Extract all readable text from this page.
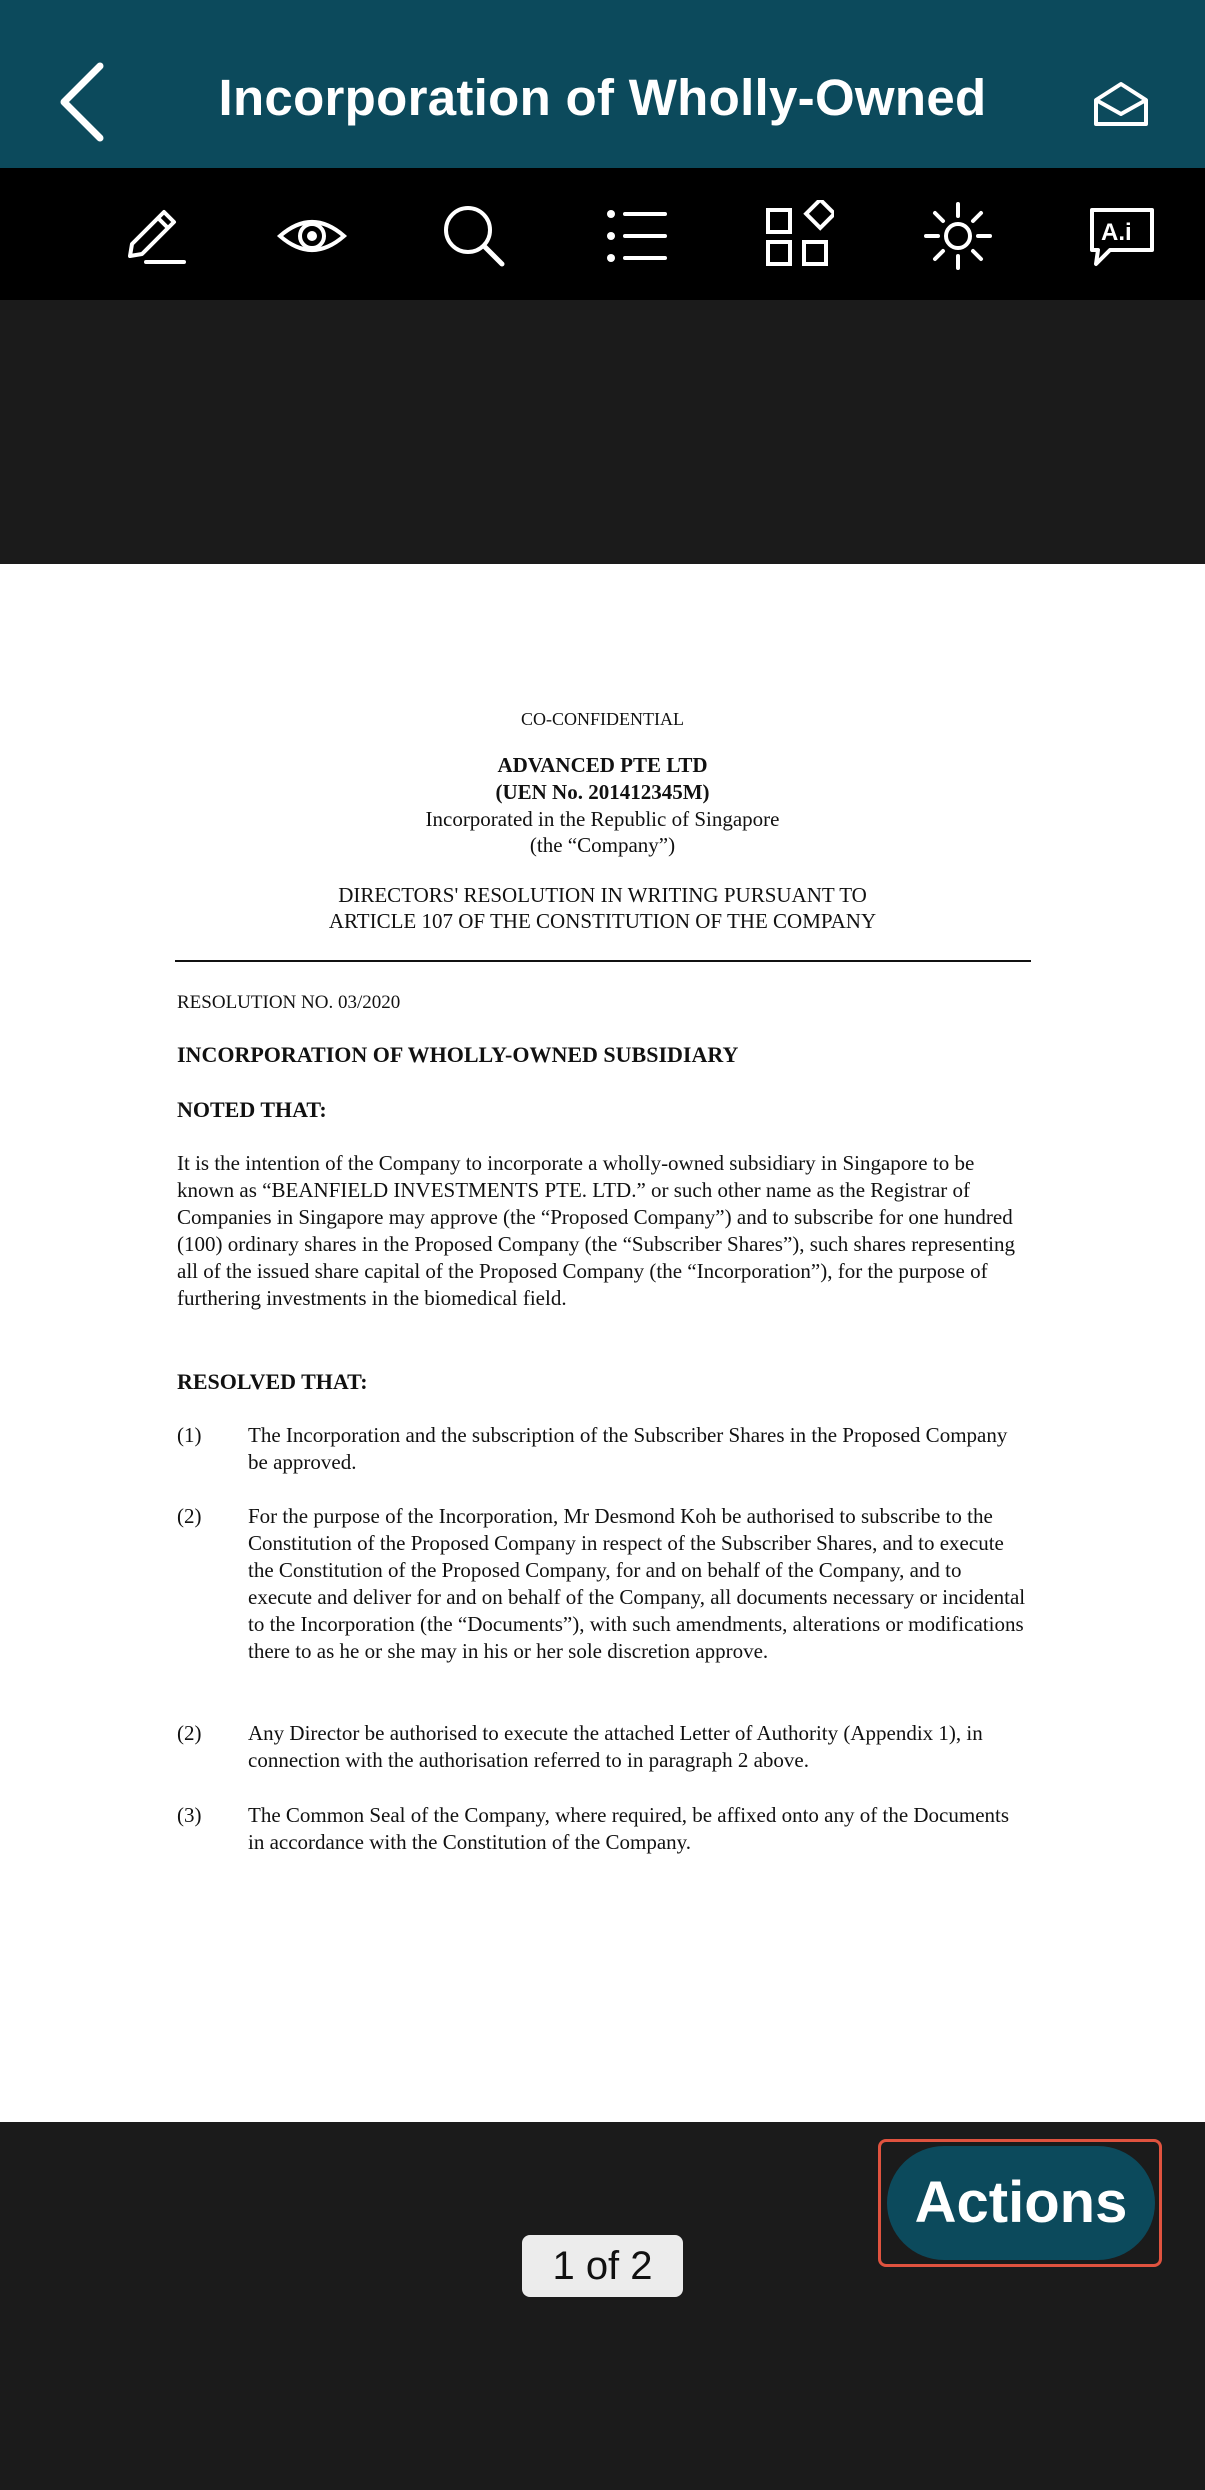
Incorporation of Wholly-Owned
A.i
CO-CONFIDENTIAL
ADVANCED PTE LTD
(UEN No. 201412345M)
Incorporated in the Republic of Singapore
(the “Company”)
DIRECTORS' RESOLUTION IN WRITING PURSUANT TO
ARTICLE 107 OF THE CONSTITUTION OF THE COMPANY
RESOLUTION NO. 03/2020
INCORPORATION OF WHOLLY-OWNED SUBSIDIARY
NOTED THAT:
It is the intention of the Company to incorporate a wholly-owned subsidiary in Singapore to be known as “BEANFIELD INVESTMENTS PTE. LTD.” or such other name as the Registrar of Companies in Singapore may approve (the “Proposed Company”) and to subscribe for one hundred (100) ordinary shares in the Proposed Company (the “Subscriber Shares”), such shares representing all of the issued share capital of the Proposed Company (the “Incorporation”), for the purpose of furthering investments in the biomedical field.
RESOLVED THAT:
(1) The Incorporation and the subscription of the Subscriber Shares in the Proposed Company be approved.
(2) For the purpose of the Incorporation, Mr Desmond Koh be authorised to subscribe to the Constitution of the Proposed Company in respect of the Subscriber Shares, and to execute the Constitution of the Proposed Company, for and on behalf of the Company, and to execute and deliver for and on behalf of the Company, all documents necessary or incidental to the Incorporation (the “Documents”), with such amendments, alterations or modifications there to as he or she may in his or her sole discretion approve.
(2) Any Director be authorised to execute the attached Letter of Authority (Appendix 1), in connection with the authorisation referred to in paragraph 2 above.
(3) The Common Seal of the Company, where required, be affixed onto any of the Documents in accordance with the Constitution of the Company.
1 of 2
Actions
